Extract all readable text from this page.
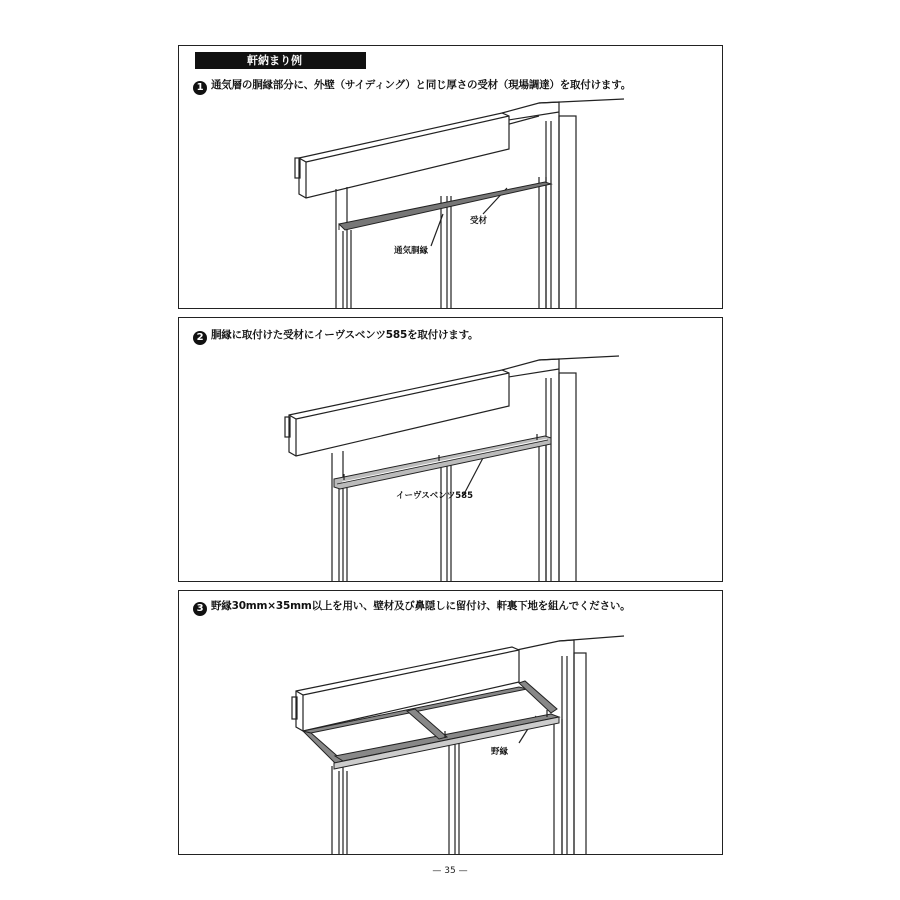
軒納まり例
1 通気層の胴縁部分に、外壁（サイディング）と同じ厚さの受材（現場調達）を取付けます。
受材
通気胴縁
2 胴縁に取付けた受材にイーヴスベンツ585を取付けます。
イーヴスベンツ585
3 野縁30mm×35mm以上を用い、壁材及び鼻隠しに留付け、軒裏下地を組んでください。
野縁
— 35 —
